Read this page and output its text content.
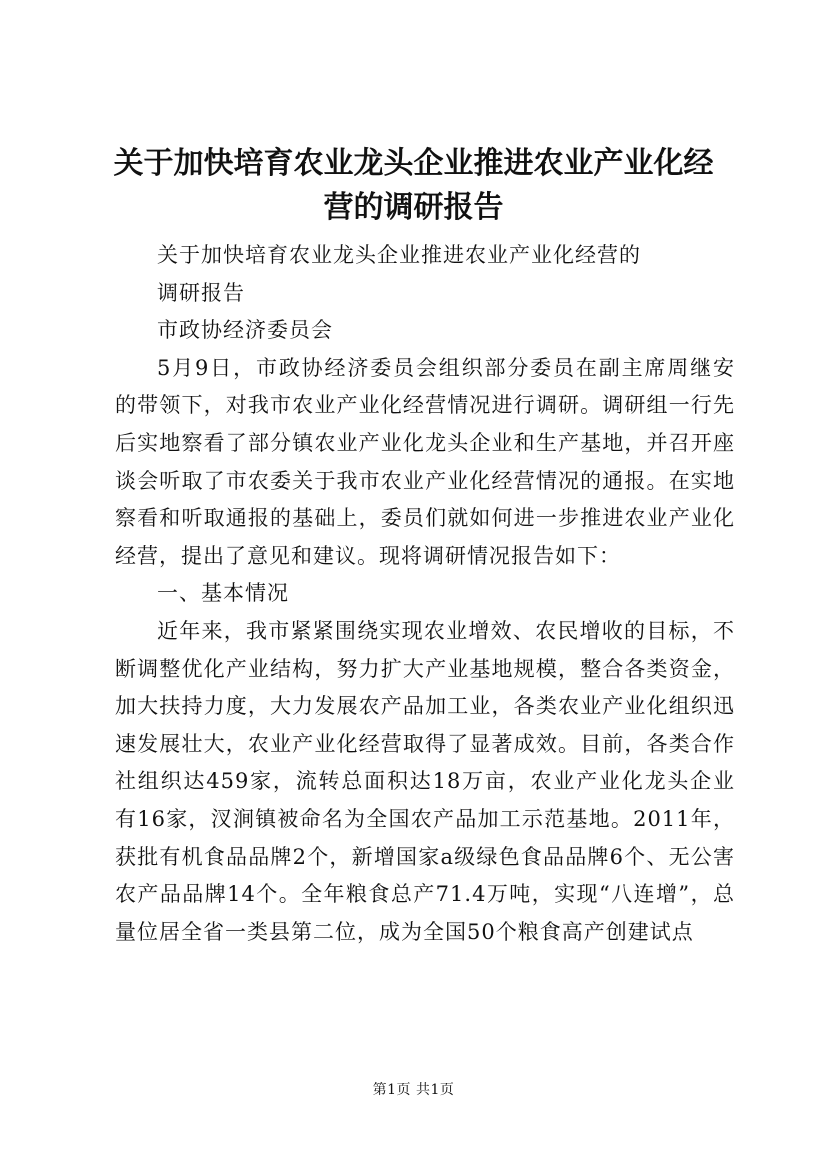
关于加快培育农业龙头企业推进农业产业化经营的调研报告

关于加快培育农业龙头企业推进农业产业化经营的

调研报告

市政协经济委员会

5月9日，市政协经济委员会组织部分委员在副主席周继安的带领下，对我市农业产业化经营情况进行调研。调研组一行先后实地察看了部分镇农业产业化龙头企业和生产基地，并召开座谈会听取了市农委关于我市农业产业化经营情况的通报。在实地察看和听取通报的基础上，委员们就如何进一步推进农业产业化经营，提出了意见和建议。现将调研情况报告如下：

一、基本情况

近年来，我市紧紧围绕实现农业增效、农民增收的目标，不断调整优化产业结构，努力扩大产业基地规模，整合各类资金，加大扶持力度，大力发展农产品加工业，各类农业产业化组织迅速发展壮大，农业产业化经营取得了显著成效。目前，各类合作社组织达459家，流转总面积达18万亩，农业产业化龙头企业有16家，汊涧镇被命名为全国农产品加工示范基地。2011年，获批有机食品品牌2个，新增国家a级绿色食品品牌6个、无公害农产品品牌14个。全年粮食总产71.4万吨，实现“八连增”，总量位居全省一类县第二位，成为全国50个粮食高产创建试点

第1页 共1页
